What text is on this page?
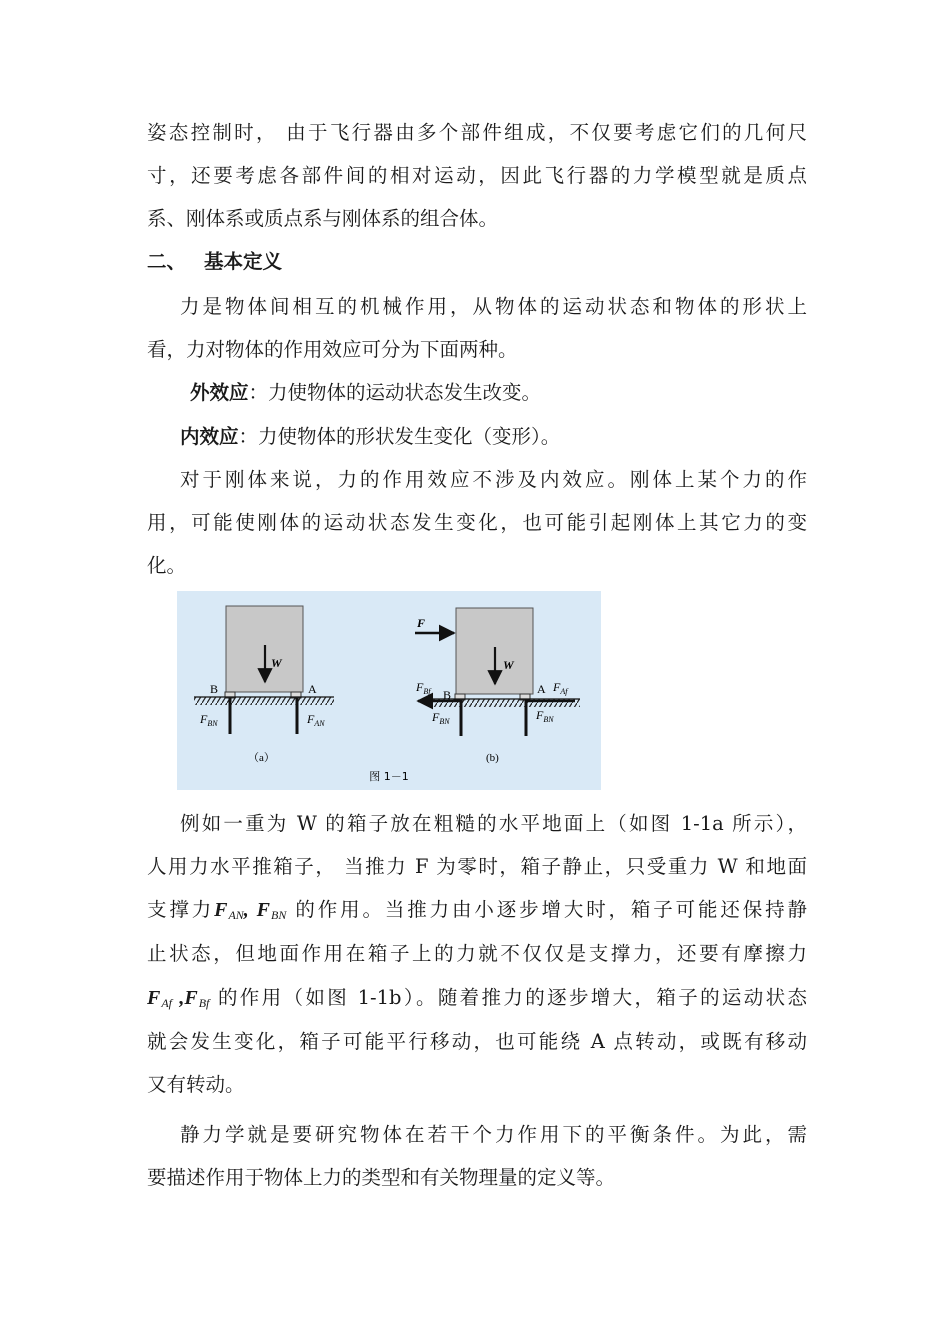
姿态控制时， 由于飞行器由多个部件组成，不仅要考虑它们的几何尺

寸，还要考虑各部件间的相对运动，因此飞行器的力学模型就是质点

系、刚体系或质点系与刚体系的组合体。

二、 基本定义

力是物体间相互的机械作用，从物体的运动状态和物体的形状上

看，力对物体的作用效应可分为下面两种。

外效应：力使物体的运动状态发生改变。
内效应：力使物体的形状发生变化（变形）。

对于刚体来说，力的作用效应不涉及内效应。刚体上某个力的作

用，可能使刚体的运动状态发生变化，也可能引起刚体上其它力的变

化。

W
B	A
$F_{BN}$	$F_{AN}$
（a）
F
W
B	A
$F_{Bf}$	$F_{Af}$
$F_{BN}$	$F_{BN}$
(b)
图 1－1

例如一重为 W 的箱子放在粗糙的水平地面上（如图 1-1a 所示），

人用力水平推箱子， 当推力 F 为零时，箱子静止，只受重力 W 和地面

支撑力$F_{AN}$, $F_{BN}$ 的作用。当推力由小逐步增大时，箱子可能还保持静

止状态，但地面作用在箱子上的力就不仅仅是支撑力，还要有摩擦力

$F_{Af}$ $,F_{Bf}$ 的作用（如图 1-1b）。随着推力的逐步增大，箱子的运动状态

就会发生变化，箱子可能平行移动，也可能绕 A 点转动，或既有移动

又有转动。

静力学就是要研究物体在若干个力作用下的平衡条件。为此，需

要描述作用于物体上力的类型和有关物理量的定义等。
